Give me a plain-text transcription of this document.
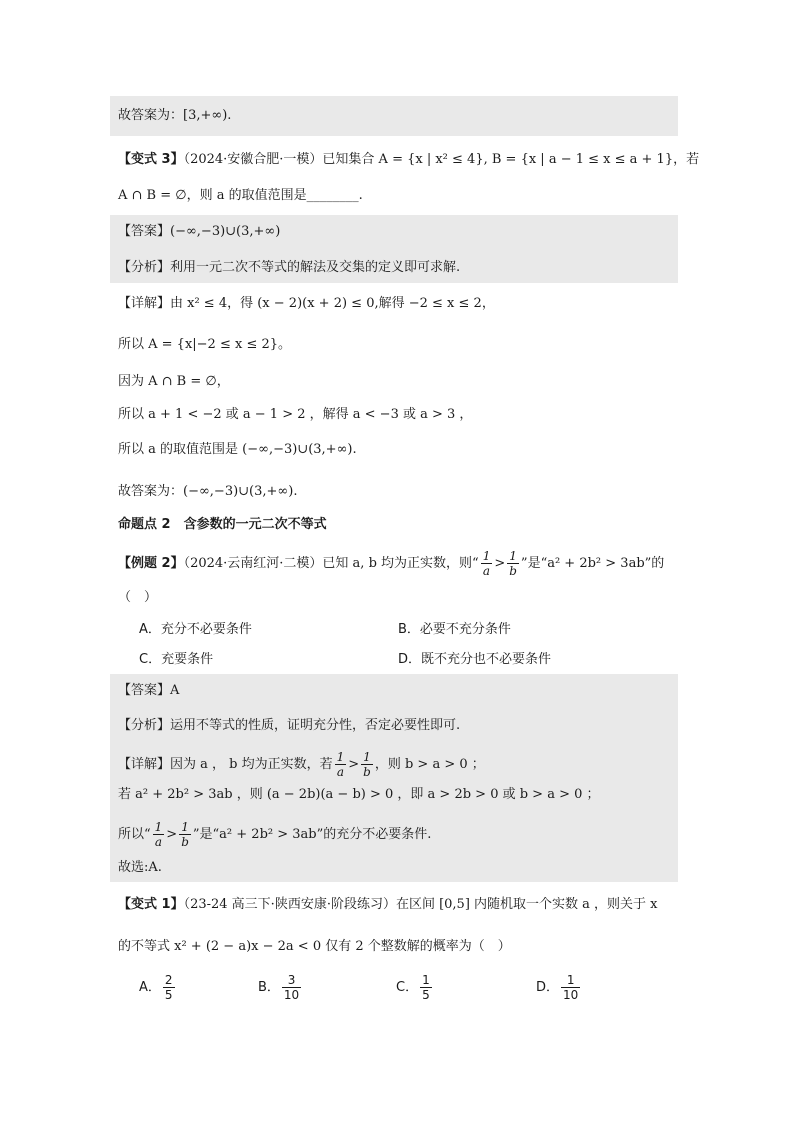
故答案为：[3,+∞).
【变式 3】（2024·安徽合肥·一模）已知集合 A = {x | x² ≤ 4}, B = {x | a − 1 ≤ x ≤ a + 1}，若
A ∩ B = ∅，则 a 的取值范围是________.
【答案】(−∞,−3)∪(3,+∞)
【分析】利用一元二次不等式的解法及交集的定义即可求解.
【详解】由 x² ≤ 4，得 (x − 2)(x + 2) ≤ 0,解得 −2 ≤ x ≤ 2，
所以 A = {x|−2 ≤ x ≤ 2}。
因为 A ∩ B = ∅，
所以 a + 1 < −2 或 a − 1 > 2 ，解得 a < −3 或 a > 3 ，
所以 a 的取值范围是 (−∞,−3)∪(3,+∞).
故答案为：(−∞,−3)∪(3,+∞).
命题点 2　含参数的一元二次不等式
【例题 2】（2024·云南红河·二模）已知 a, b 均为正实数，则“ $\frac{1}{a} > \frac{1}{b}$ ”是“a² + 2b² > 3ab”的
（　）
A．充分不必要条件	B．必要不充分条件
C．充要条件	D．既不充分也不必要条件
【答案】A
【分析】运用不等式的性质，证明充分性，否定必要性即可.
【详解】因为 a ， b 均为正实数，若 $\frac{1}{a} > \frac{1}{b}$ ，则 b > a > 0 ；
若 a² + 2b² > 3ab ，则 (a − 2b)(a − b) > 0 ，即 a > 2b > 0 或 b > a > 0 ；
所以“ $\frac{1}{a} > \frac{1}{b}$ ”是“a² + 2b² > 3ab”的充分不必要条件.
故选:A.
【变式 1】（23-24 高三下·陕西安康·阶段练习）在区间 [0,5] 内随机取一个实数 a ，则关于 x
的不等式 x² + (2 − a)x − 2a < 0 仅有 2 个整数解的概率为（　）
A． $\frac{2}{5}$	B． $\frac{3}{10}$	C． $\frac{1}{5}$	D． $\frac{1}{10}$
